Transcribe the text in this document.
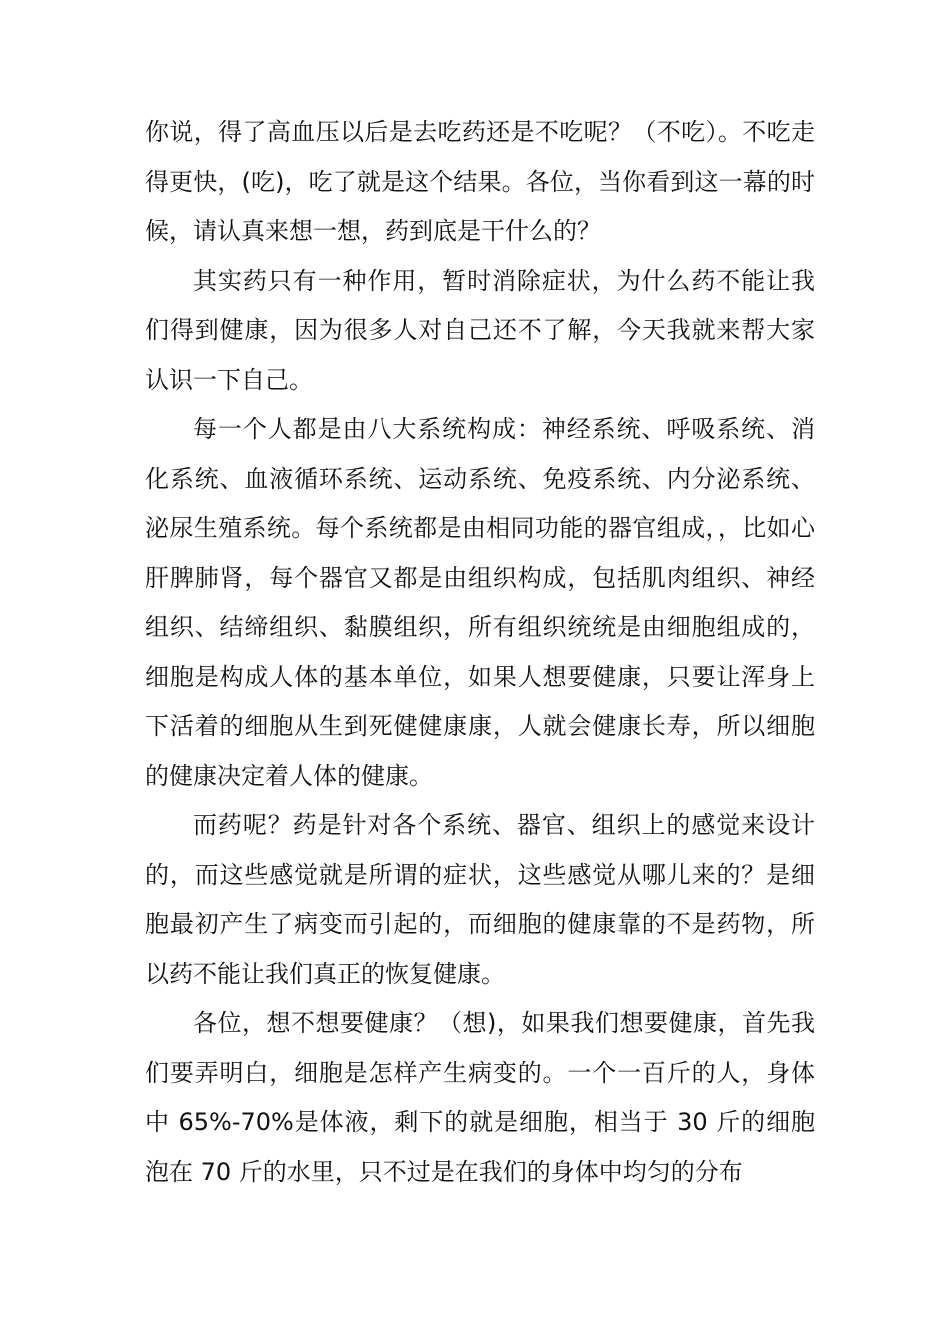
你说，得了高血压以后是去吃药还是不吃呢？（不吃）。不吃走得更快，(吃)，吃了就是这个结果。各位，当你看到这一幕的时候，请认真来想一想，药到底是干什么的？

其实药只有一种作用，暂时消除症状，为什么药不能让我们得到健康，因为很多人对自己还不了解，今天我就来帮大家认识一下自己。

每一个人都是由八大系统构成：神经系统、呼吸系统、消化系统、血液循环系统、运动系统、免疫系统、内分泌系统、泌尿生殖系统。每个系统都是由相同功能的器官组成，，比如心肝脾肺肾，每个器官又都是由组织构成，包括肌肉组织、神经组织、结缔组织、黏膜组织，所有组织统统是由细胞组成的，细胞是构成人体的基本单位，如果人想要健康，只要让浑身上下活着的细胞从生到死健健康康，人就会健康长寿，所以细胞的健康决定着人体的健康。

而药呢？药是针对各个系统、器官、组织上的感觉来设计的，而这些感觉就是所谓的症状，这些感觉从哪儿来的？是细胞最初产生了病变而引起的，而细胞的健康靠的不是药物，所以药不能让我们真正的恢复健康。

各位，想不想要健康？（想)，如果我们想要健康，首先我们要弄明白，细胞是怎样产生病变的。一个一百斤的人，身体中 65%-70%是体液，剩下的就是细胞，相当于 30 斤的细胞泡在 70 斤的水里，只不过是在我们的身体中均匀的分布
